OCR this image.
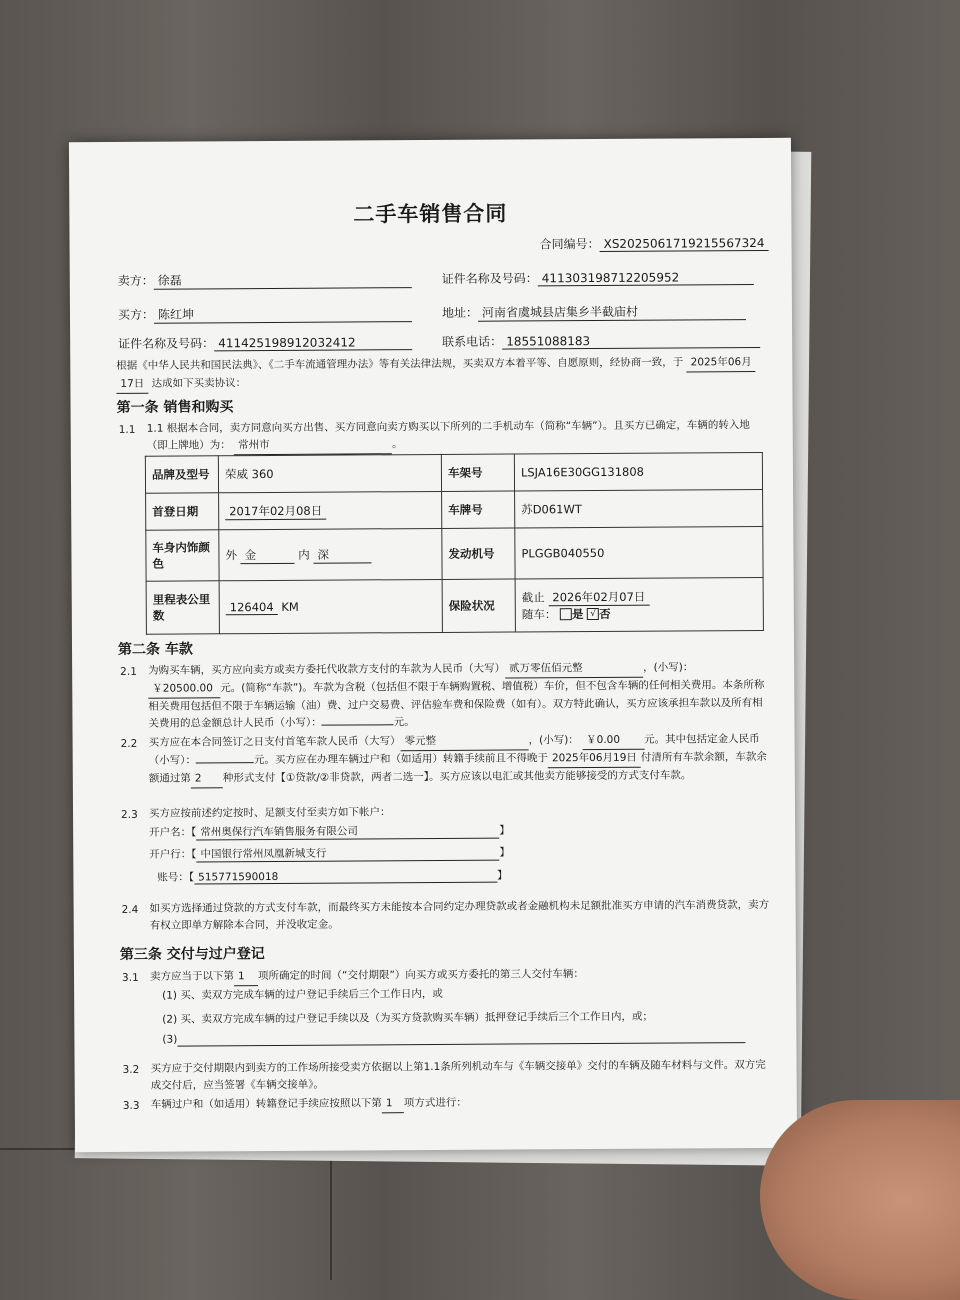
二手车销售合同
合同编号： XS2025061719215567324
卖方： 徐磊	证件名称及号码： 411303198712205952
买方： 陈红坤	地址： 河南省虞城县店集乡半截庙村
证件名称及号码： 411425198912032412	联系电话： 18551088183
根据《中华人民共和国民法典》、《二手车流通管理办法》等有关法律法规，买卖双方本着平等、自愿原则，经协商一致，于 2025年06月 17日 达成如下买卖协议：
第一条 销售和购买
1.1 1.1 根据本合同，卖方同意向买方出售、买方同意向卖方购买以下所列的二手机动车（简称“车辆”）。且买方已确定，车辆的转入地（即上牌地）为： 常州市	。
品牌及型号	荣威 360	车架号	LSJA16E30GG131808
首登日期	2017年02月08日	车牌号	苏D061WT
车身内饰颜色	外 金 内 深	发动机号	PLGGB040550
里程表公里数	126404 KM	保险状况	截止 2026年02月07日
随车： 是 √ 否
第二条 车款
2.1 为购买车辆，买方应向卖方或卖方委托代收款方支付的车款为人民币（大写） 贰万零伍佰元整	，(小写)： ￥20500.00 元。(简称“车款”)。车款为含税（包括但不限于车辆购置税、增值税）车价，但不包含车辆的任何相关费用。本条所称相关费用包括但不限于车辆运输（油）费、过户交易费、评估验车费和保险费（如有）。双方特此确认，买方应该承担车款以及所有相关费用的总金额总计人民币（小写）：	元。
2.2 买方应在本合同签订之日支付首笔车款人民币（大写） 零元整	，(小写)： ￥0.00 元。其中包括定金人民币（小写）：	元。买方应在办理车辆过户和（如适用）转籍手续前且不得晚于 2025年06月19日 付清所有车款余额，车款余额通过第 2 种形式支付【①贷款/②非贷款，两者二选一】。买方应该以电汇或其他卖方能够接受的方式支付车款。
2.3 买方应按前述约定按时、足额支付至卖方如下帐户：
开户名：【 常州奥保行汽车销售服务有限公司	】
开户行：【 中国银行常州凤凰新城支行	】
账号：【 515771590018	】
2.4 如买方选择通过贷款的方式支付车款，而最终买方未能按本合同约定办理贷款或者金融机构未足额批准买方申请的汽车消费贷款，卖方有权立即单方解除本合同，并没收定金。
第三条 交付与过户登记
3.1 卖方应当于以下第 1 项所确定的时间（“交付期限”）向买方或买方委托的第三人交付车辆：
(1) 买、卖双方完成车辆的过户登记手续后三个工作日内，或
(2) 买、卖双方完成车辆的过户登记手续以及（为买方贷款购买车辆）抵押登记手续后三个工作日内，或；
(3)
3.2 买方应于交付期限内到卖方的工作场所接受卖方依据以上第1.1条所列机动车与《车辆交接单》交付的车辆及随车材料与文件。双方完成交付后，应当签署《车辆交接单》。
3.3 车辆过户和（如适用）转籍登记手续应按照以下第 1 项方式进行：
